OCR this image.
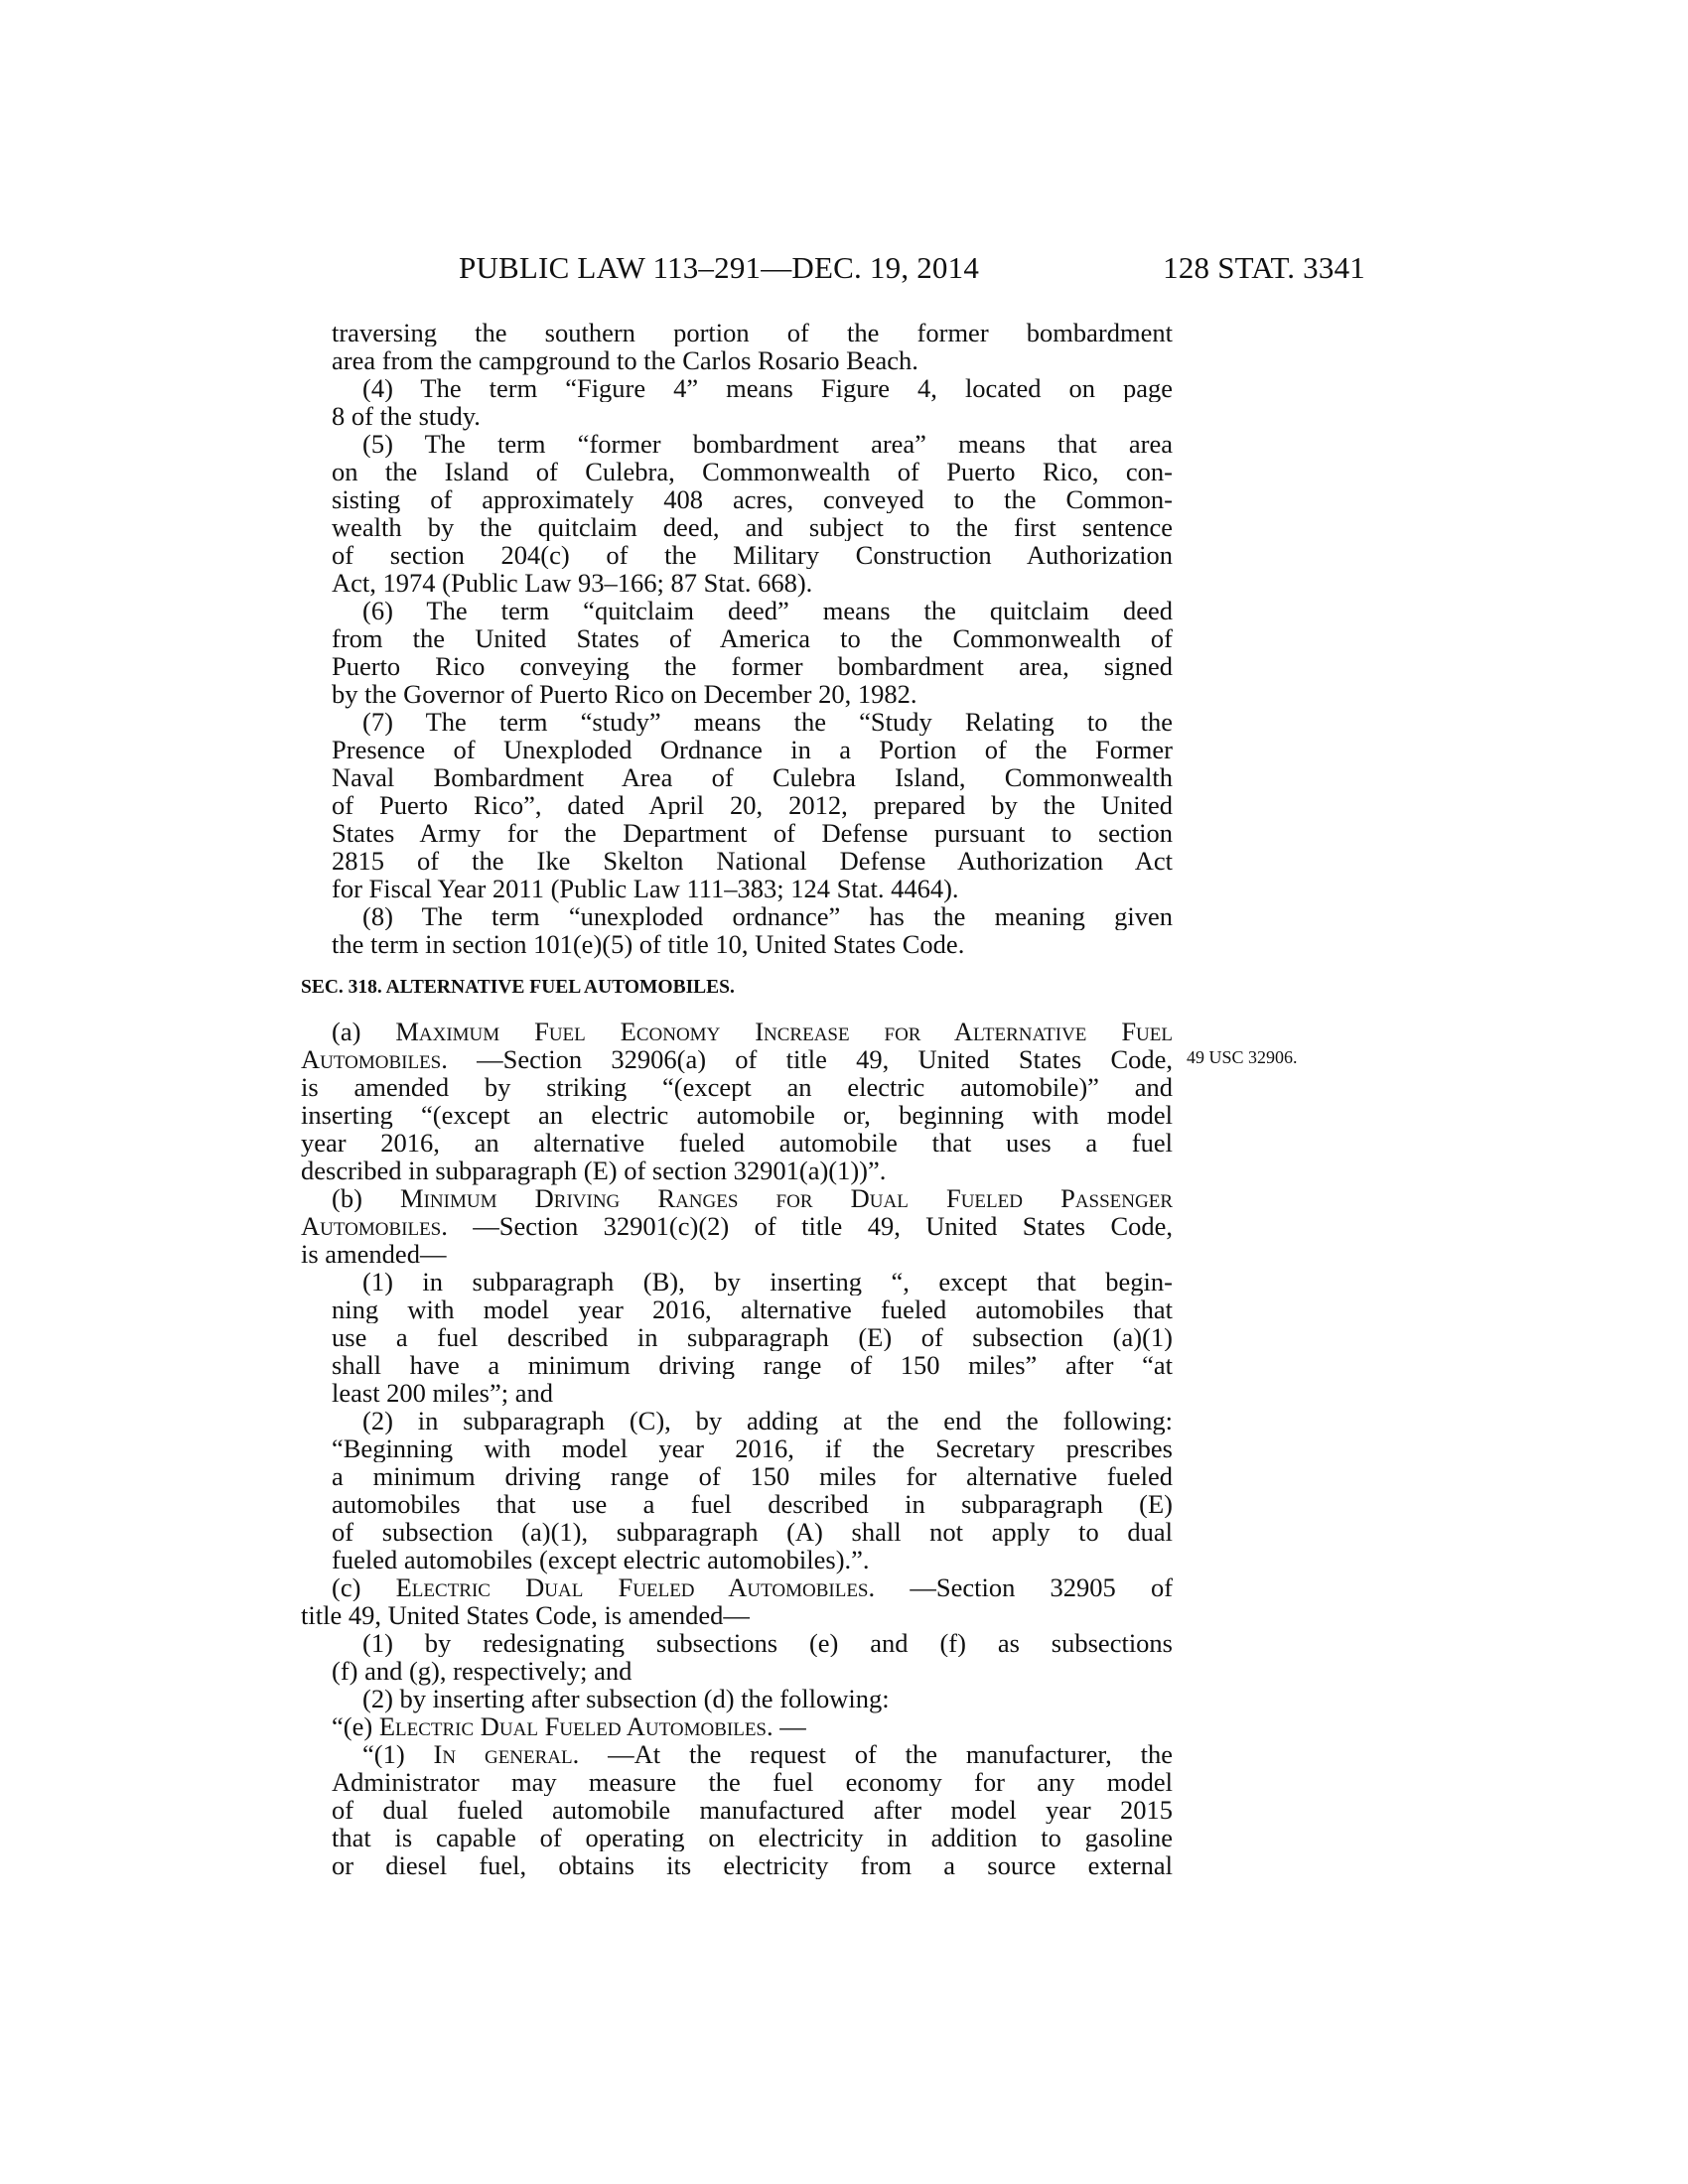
PUBLIC LAW 113–291—DEC. 19, 2014	128 STAT. 3341
traversing the southern portion of the former bombardment
area from the campground to the Carlos Rosario Beach.
(4) The term “Figure 4” means Figure 4, located on page
8 of the study.
(5) The term “former bombardment area” means that area
on the Island of Culebra, Commonwealth of Puerto Rico, con-
sisting of approximately 408 acres, conveyed to the Common-
wealth by the quitclaim deed, and subject to the first sentence
of section 204(c) of the Military Construction Authorization
Act, 1974 (Public Law 93–166; 87 Stat. 668).
(6) The term “quitclaim deed” means the quitclaim deed
from the United States of America to the Commonwealth of
Puerto Rico conveying the former bombardment area, signed
by the Governor of Puerto Rico on December 20, 1982.
(7) The term “study” means the “Study Relating to the
Presence of Unexploded Ordnance in a Portion of the Former
Naval Bombardment Area of Culebra Island, Commonwealth
of Puerto Rico”, dated April 20, 2012, prepared by the United
States Army for the Department of Defense pursuant to section
2815 of the Ike Skelton National Defense Authorization Act
for Fiscal Year 2011 (Public Law 111–383; 124 Stat. 4464).
(8) The term “unexploded ordnance” has the meaning given
the term in section 101(e)(5) of title 10, United States Code.
SEC. 318. ALTERNATIVE FUEL AUTOMOBILES.
49 USC 32906.
(a) Maximum Fuel Economy Increase for Alternative Fuel
Automobiles. —Section 32906(a) of title 49, United States Code,
is amended by striking “(except an electric automobile)” and
inserting “(except an electric automobile or, beginning with model
year 2016, an alternative fueled automobile that uses a fuel
described in subparagraph (E) of section 32901(a)(1))”.
(b) Minimum Driving Ranges for Dual Fueled Passenger
Automobiles. —Section 32901(c)(2) of title 49, United States Code,
is amended—
(1) in subparagraph (B), by inserting “, except that begin-
ning with model year 2016, alternative fueled automobiles that
use a fuel described in subparagraph (E) of subsection (a)(1)
shall have a minimum driving range of 150 miles” after “at
least 200 miles”; and
(2) in subparagraph (C), by adding at the end the following:
“Beginning with model year 2016, if the Secretary prescribes
a minimum driving range of 150 miles for alternative fueled
automobiles that use a fuel described in subparagraph (E)
of subsection (a)(1), subparagraph (A) shall not apply to dual
fueled automobiles (except electric automobiles).”.
(c) Electric Dual Fueled Automobiles. —Section 32905 of
title 49, United States Code, is amended—
(1) by redesignating subsections (e) and (f) as subsections
(f) and (g), respectively; and
(2) by inserting after subsection (d) the following:
“(e) Electric Dual Fueled Automobiles. —
“(1) In general. —At the request of the manufacturer, the
Administrator may measure the fuel economy for any model
of dual fueled automobile manufactured after model year 2015
that is capable of operating on electricity in addition to gasoline
or diesel fuel, obtains its electricity from a source external
